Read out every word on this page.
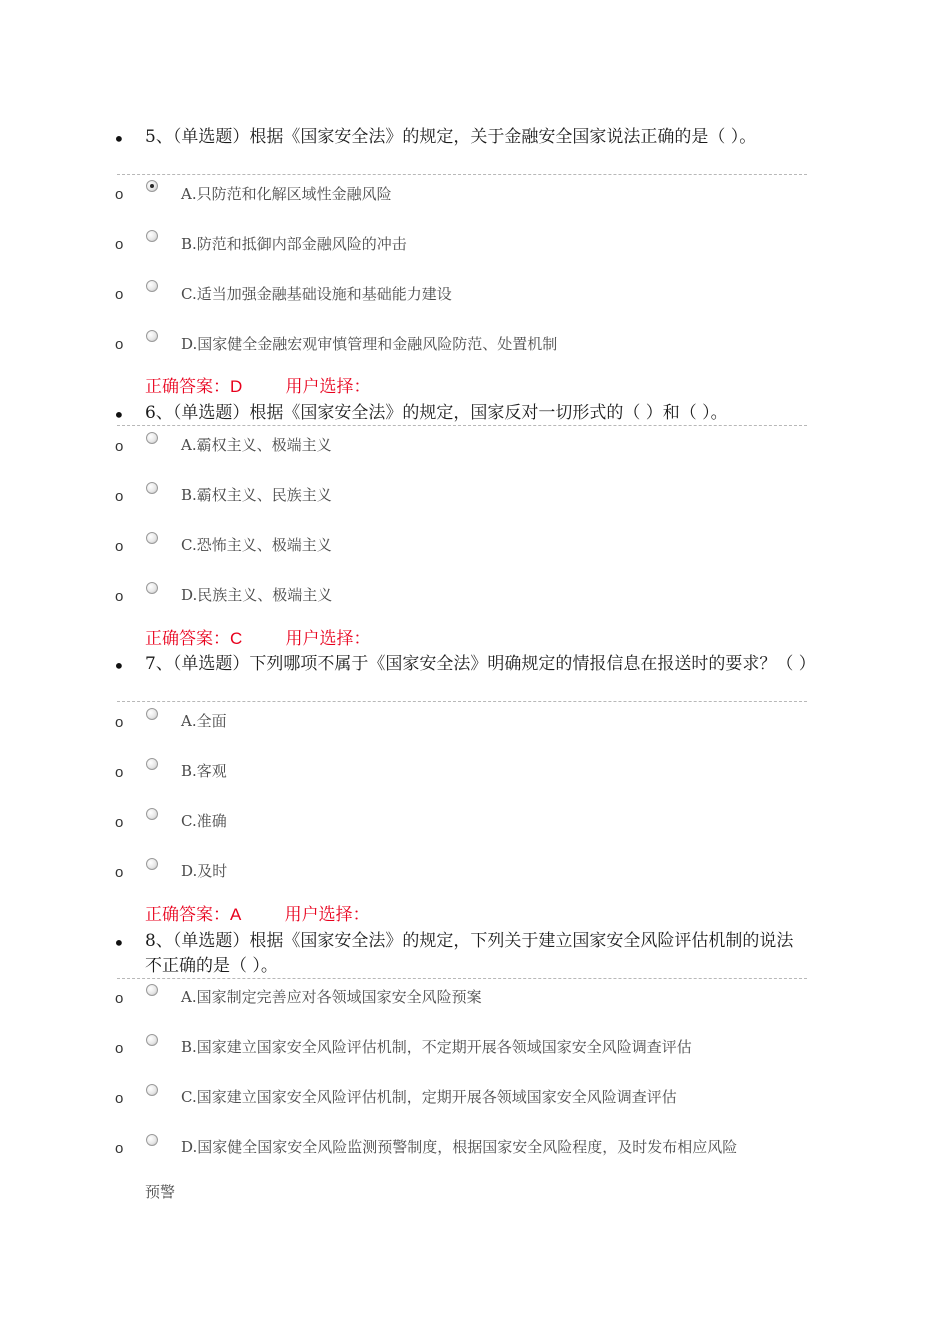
• 5、（单选题）根据《国家安全法》的规定，关于金融安全国家说法正确的是（ ）。
o	A.只防范和化解区域性金融风险
o	B.防范和抵御内部金融风险的冲击
o	C.适当加强金融基础设施和基础能力建设
o	D.国家健全金融宏观审慎管理和金融风险防范、处置机制
正确答案：D	用户选择：
• 6、（单选题）根据《国家安全法》的规定，国家反对一切形式的（ ）和（ ）。
o	A.霸权主义、极端主义
o	B.霸权主义、民族主义
o	C.恐怖主义、极端主义
o	D.民族主义、极端主义
正确答案：C	用户选择：
• 7、（单选题）下列哪项不属于《国家安全法》明确规定的情报信息在报送时的要求？（ ）
o	A.全面
o	B.客观
o	C.准确
o	D.及时
正确答案：A	用户选择：
• 8、（单选题）根据《国家安全法》的规定，下列关于建立国家安全风险评估机制的说法不正确的是（ ）。
o	A.国家制定完善应对各领域国家安全风险预案
o	B.国家建立国家安全风险评估机制，不定期开展各领域国家安全风险调查评估
o	C.国家建立国家安全风险评估机制，定期开展各领域国家安全风险调查评估
o	D.国家健全国家安全风险监测预警制度，根据国家安全风险程度，及时发布相应风险
预警
